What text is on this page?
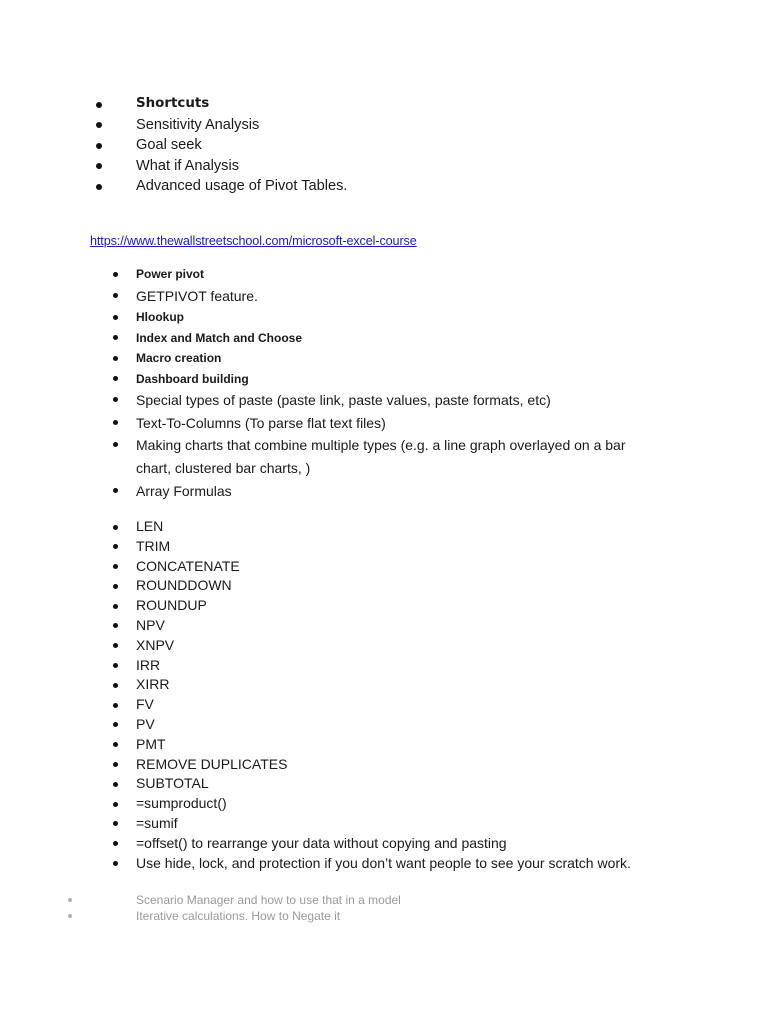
Shortcuts
Sensitivity Analysis
Goal seek
What if Analysis
Advanced usage of Pivot Tables.
https://www.thewallstreetschool.com/microsoft-excel-course
Power pivot
GETPIVOT feature.
Hlookup
Index and Match and Choose
Macro creation
Dashboard building
Special types of paste (paste link, paste values, paste formats, etc)
Text-To-Columns (To parse flat text files)
Making charts that combine multiple types (e.g. a line graph overlayed on a bar chart, clustered bar charts, )
Array Formulas
LEN
TRIM
CONCATENATE
ROUNDDOWN
ROUNDUP
NPV
XNPV
IRR
XIRR
FV
PV
PMT
REMOVE DUPLICATES
SUBTOTAL
=sumproduct()
=sumif
=offset() to rearrange your data without copying and pasting
Use hide, lock, and protection if you don’t want people to see your scratch work.
Scenario Manager and how to use that in a model
Iterative calculations. How to Negate it
